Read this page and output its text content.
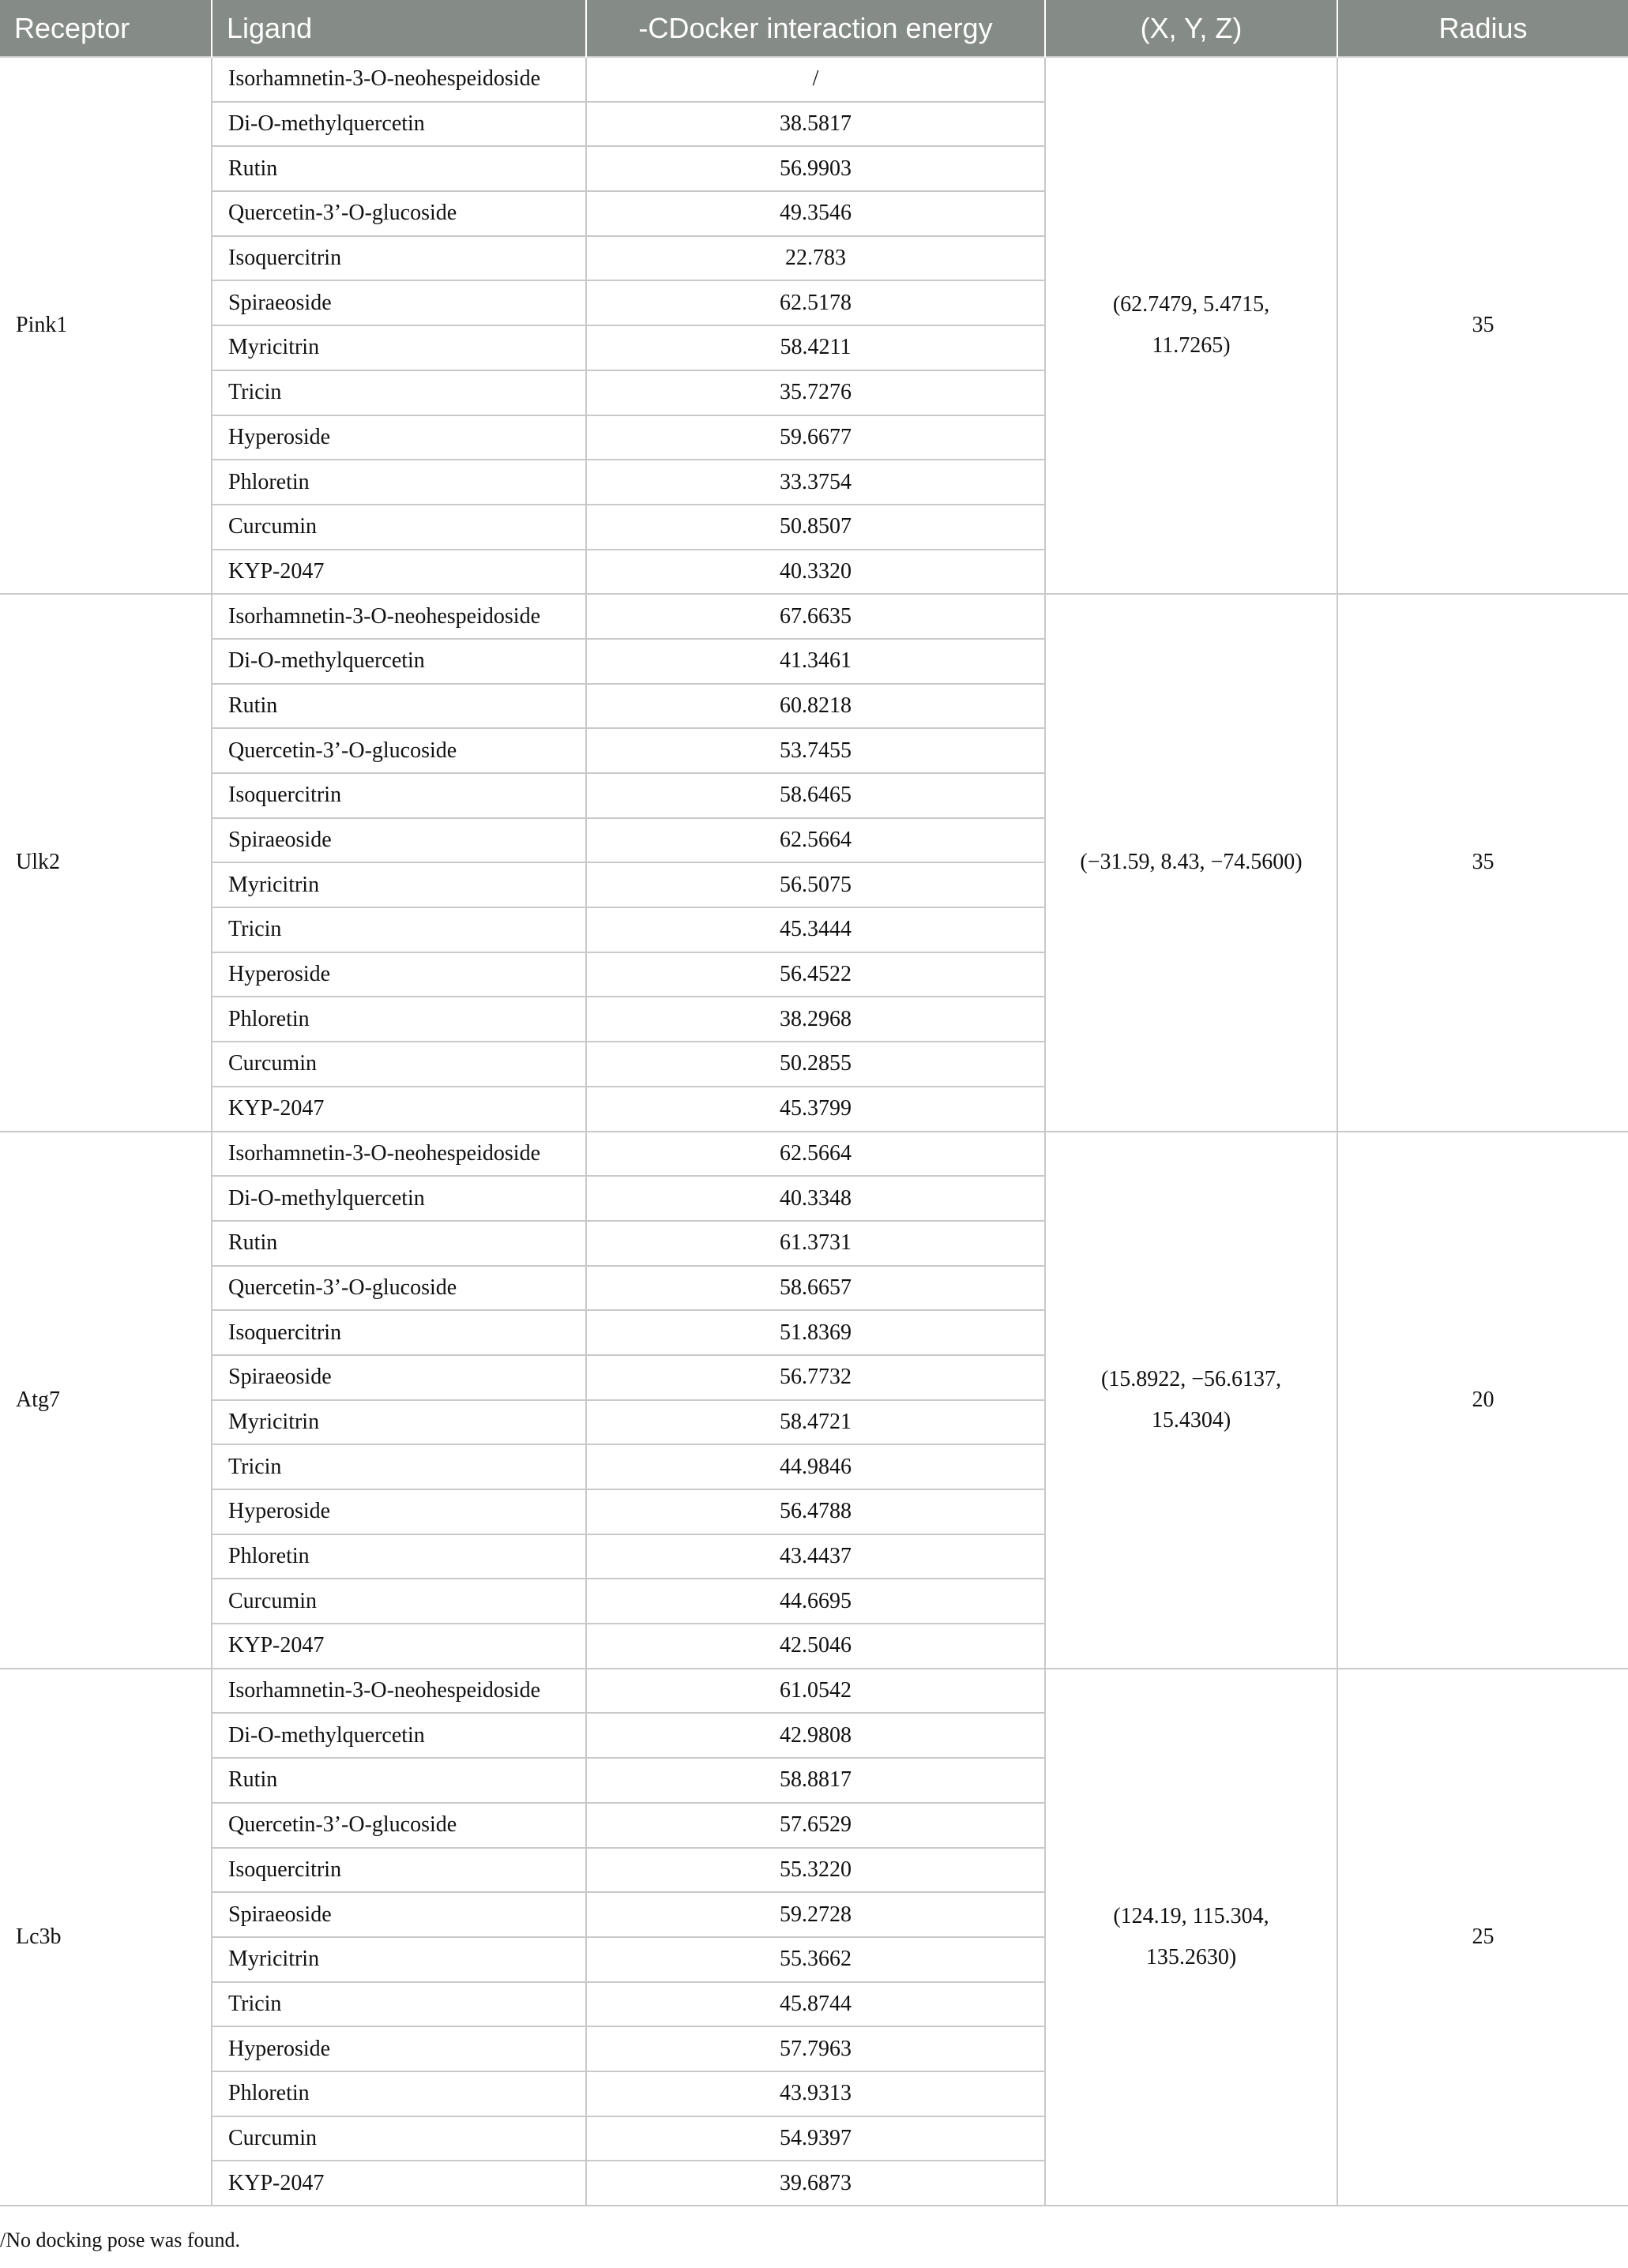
Receptor	Ligand	-CDocker interaction energy	(X, Y, Z)	Radius
Pink1	Isorhamnetin-3-O-neohespeidoside	/	(62.7479, 5.4715, 11.7265)	35
	Di-O-methylquercetin	38.5817		
	Rutin	56.9903		
	Quercetin-3’-O-glucoside	49.3546		
	Isoquercitrin	22.783		
	Spiraeoside	62.5178		
	Myricitrin	58.4211		
	Tricin	35.7276		
	Hyperoside	59.6677		
	Phloretin	33.3754		
	Curcumin	50.8507		
	KYP-2047	40.3320		
Ulk2	Isorhamnetin-3-O-neohespeidoside	67.6635	(−31.59, 8.43, −74.5600)	35
	Di-O-methylquercetin	41.3461		
	Rutin	60.8218		
	Quercetin-3’-O-glucoside	53.7455		
	Isoquercitrin	58.6465		
	Spiraeoside	62.5664		
	Myricitrin	56.5075		
	Tricin	45.3444		
	Hyperoside	56.4522		
	Phloretin	38.2968		
	Curcumin	50.2855		
	KYP-2047	45.3799		
Atg7	Isorhamnetin-3-O-neohespeidoside	62.5664	(15.8922, −56.6137, 15.4304)	20
	Di-O-methylquercetin	40.3348		
	Rutin	61.3731		
	Quercetin-3’-O-glucoside	58.6657		
	Isoquercitrin	51.8369		
	Spiraeoside	56.7732		
	Myricitrin	58.4721		
	Tricin	44.9846		
	Hyperoside	56.4788		
	Phloretin	43.4437		
	Curcumin	44.6695		
	KYP-2047	42.5046		
Lc3b	Isorhamnetin-3-O-neohespeidoside	61.0542	(124.19, 115.304, 135.2630)	25
	Di-O-methylquercetin	42.9808		
	Rutin	58.8817		
	Quercetin-3’-O-glucoside	57.6529		
	Isoquercitrin	55.3220		
	Spiraeoside	59.2728		
	Myricitrin	55.3662		
	Tricin	45.8744		
	Hyperoside	57.7963		
	Phloretin	43.9313		
	Curcumin	54.9397		
	KYP-2047	39.6873		
/No docking pose was found.
